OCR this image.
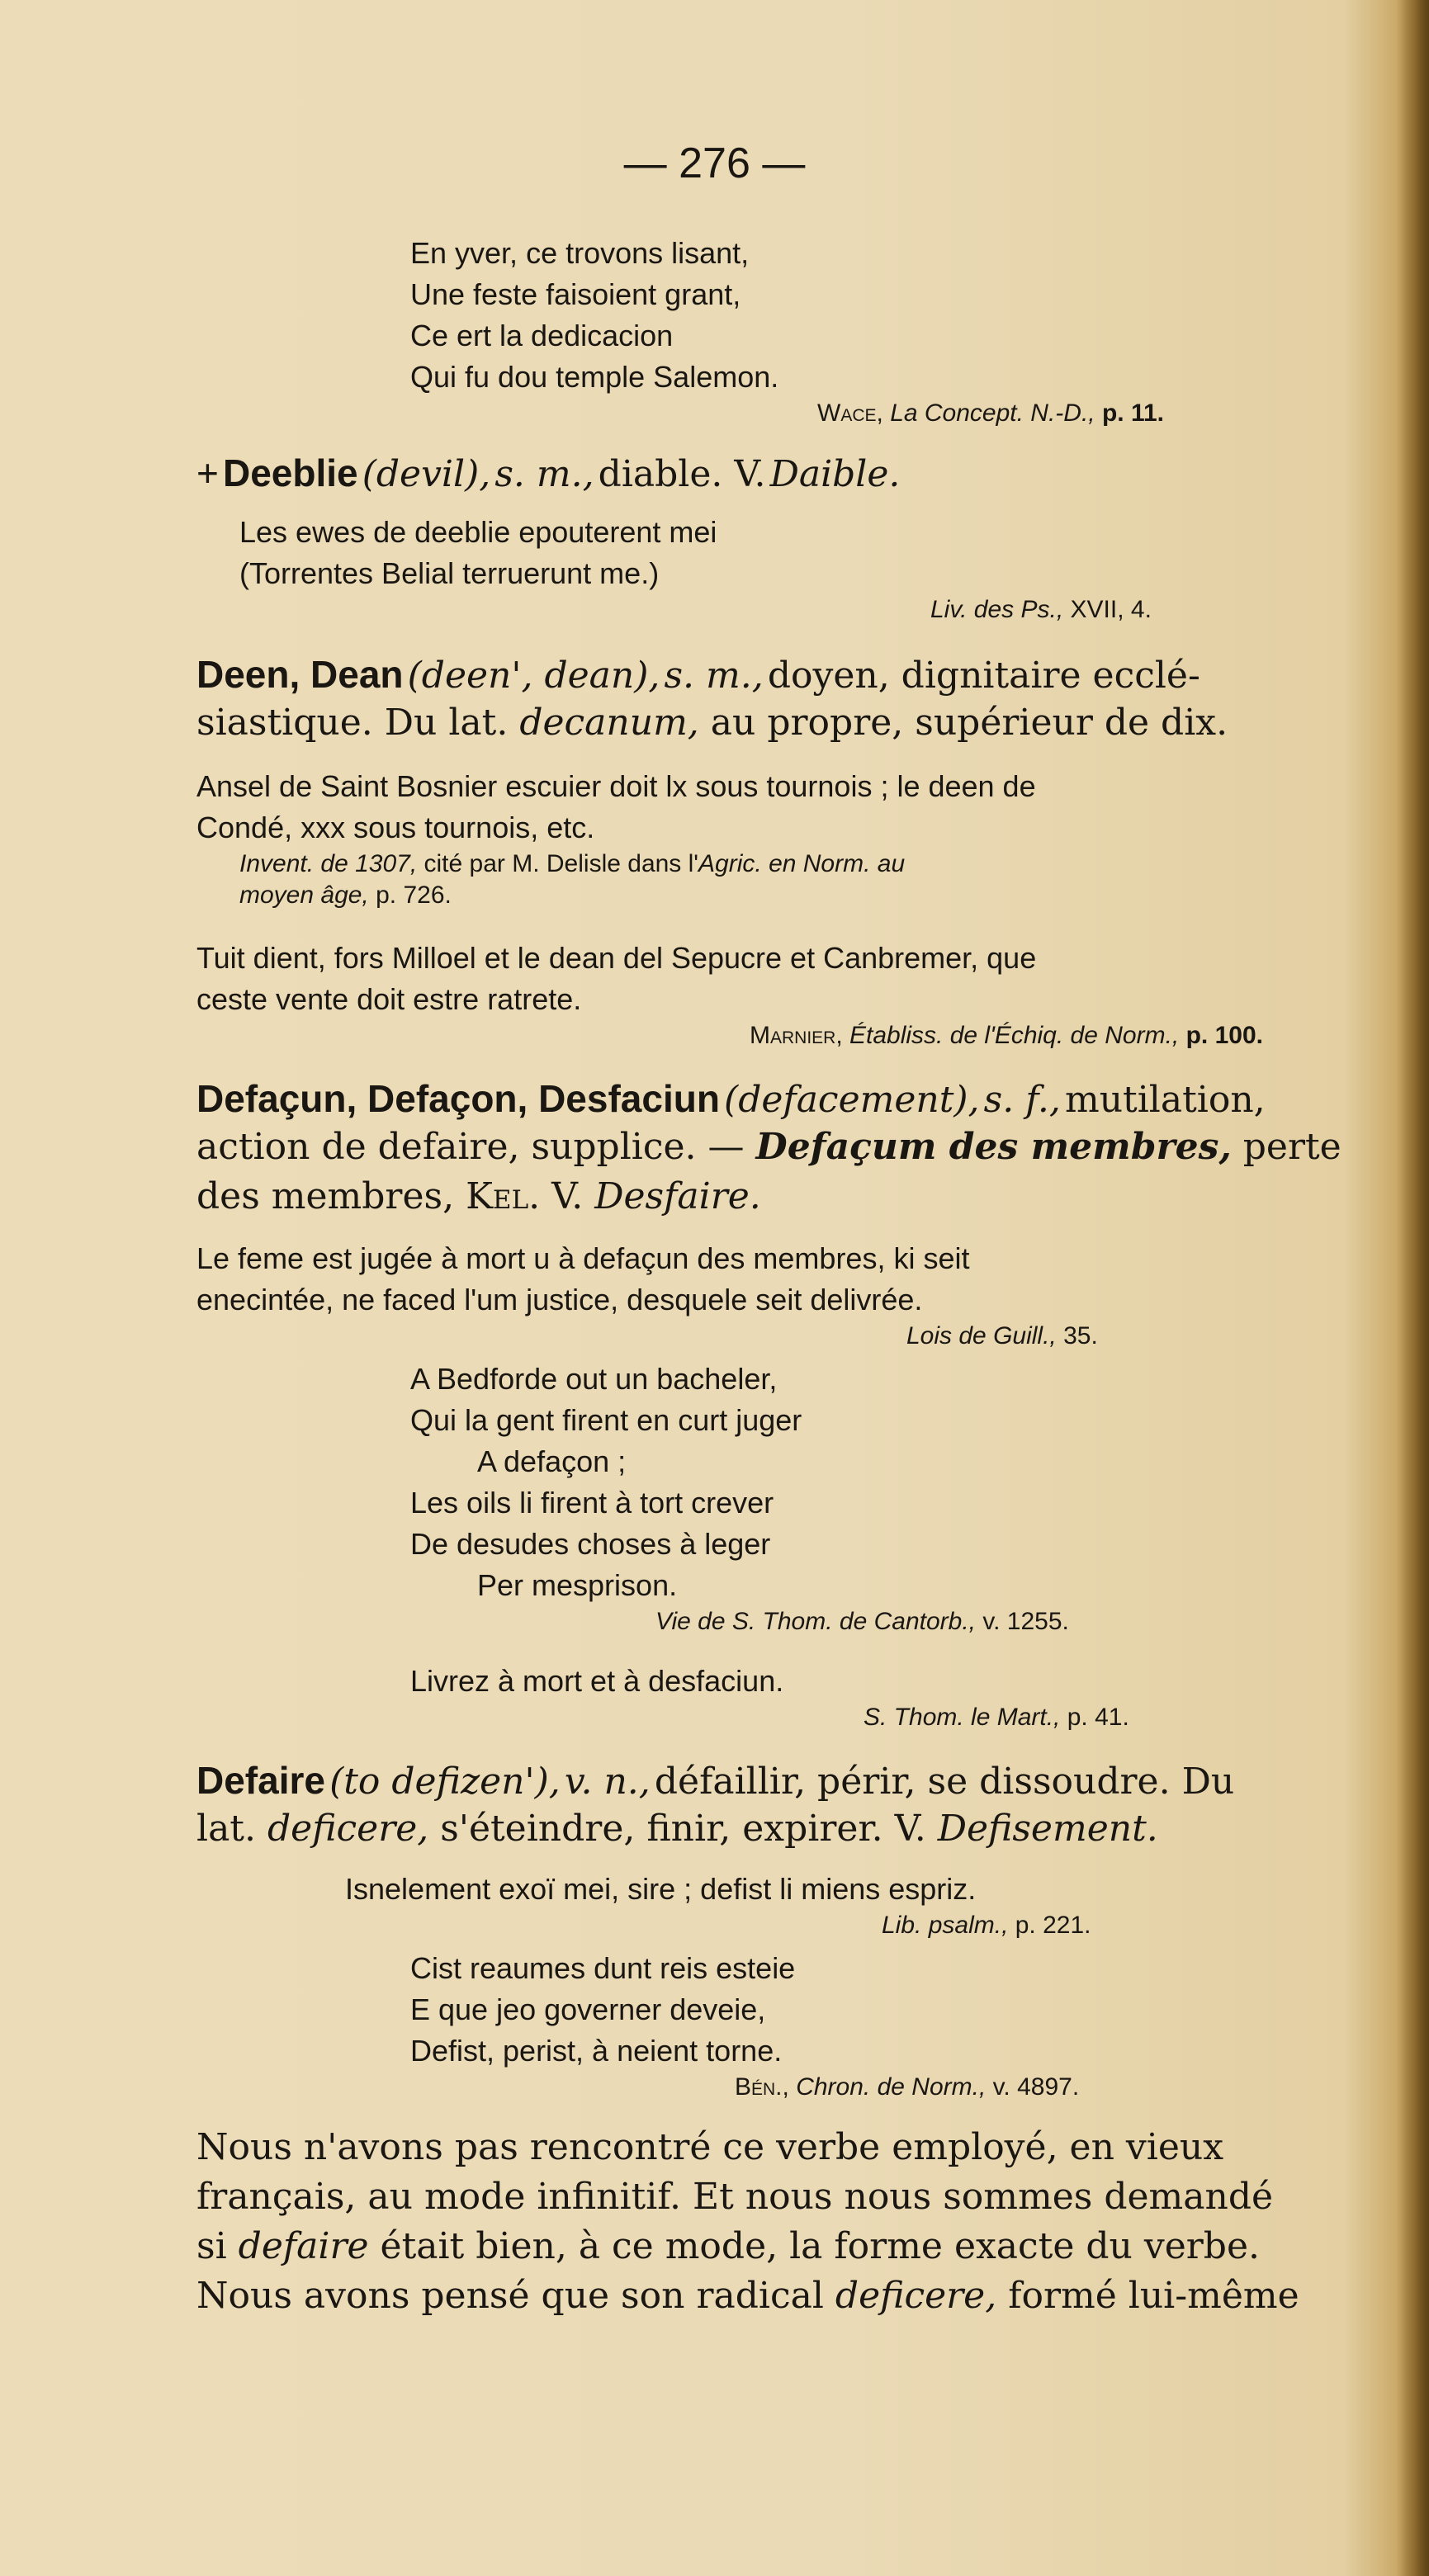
— 276 —
En yver, ce trovons lisant,
Une feste faisoient grant,
Ce ert la dedicacion
Qui fu dou temple Salemon.
Wace, La Concept. N.-D., p. 11.
+ Deeblie (devil), s. m., diable. V. Daible.
Les ewes de deeblie epouterent mei
(Torrentes Belial terruerunt me.)
Liv. des Ps., XVII, 4.
Deen, Dean (deen', dean), s. m., doyen, dignitaire ecclé-
siastique. Du lat. decanum, au propre, supérieur de dix.
Ansel de Saint Bosnier escuier doit lx sous tournois ; le deen de
Condé, xxx sous tournois, etc.
Invent. de 1307, cité par M. Delisle dans l'Agric. en Norm. au
moyen âge, p. 726.
Tuit dient, fors Milloel et le dean del Sepucre et Canbremer, que
ceste vente doit estre ratrete.
Marnier, Établiss. de l'Échiq. de Norm., p. 100.
Defaçun, Defaçon, Desfaciun (defacement), s. f., mutilation,
action de defaire, supplice. — Defaçum des membres, perte
des membres, Kel. V. Desfaire.
Le feme est jugée à mort u à defaçun des membres, ki seit
enecintée, ne faced l'um justice, desquele seit delivrée.
Lois de Guill., 35.
A Bedforde out un bacheler,
Qui la gent firent en curt juger
A defaçon ;
Les oils li firent à tort crever
De desudes choses à leger
Per mesprison.
Vie de S. Thom. de Cantorb., v. 1255.
Livrez à mort et à desfaciun.
S. Thom. le Mart., p. 41.
Defaire (to defizen'), v. n., défaillir, périr, se dissoudre. Du
lat. deficere, s'éteindre, finir, expirer. V. Defisement.
Isnelement exoï mei, sire ; defist li miens espriz.
Lib. psalm., p. 221.
Cist reaumes dunt reis esteie
E que jeo governer deveie,
Defist, perist, à neient torne.
Bén., Chron. de Norm., v. 4897.
Nous n'avons pas rencontré ce verbe employé, en vieux
français, au mode infinitif. Et nous nous sommes demandé
si defaire était bien, à ce mode, la forme exacte du verbe.
Nous avons pensé que son radical deficere, formé lui-même
